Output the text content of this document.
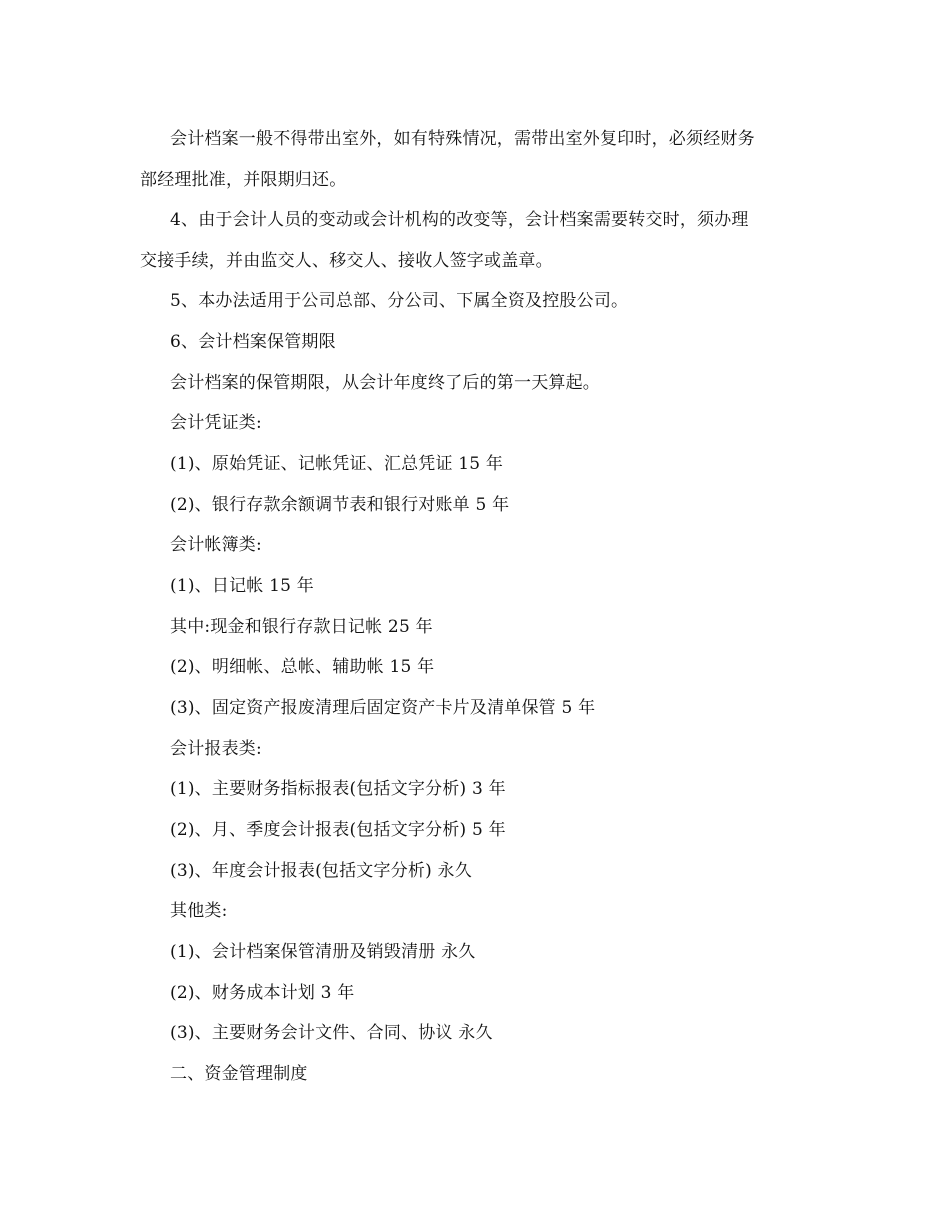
会计档案一般不得带出室外，如有特殊情况，需带出室外复印时，必须经财务
部经理批准，并限期归还。
4、由于会计人员的变动或会计机构的改变等，会计档案需要转交时，须办理
交接手续，并由监交人、移交人、接收人签字或盖章。
5、本办法适用于公司总部、分公司、下属全资及控股公司。
6、会计档案保管期限
会计档案的保管期限，从会计年度终了后的第一天算起。
会计凭证类:
(1)、原始凭证、记帐凭证、汇总凭证 15 年
(2)、银行存款余额调节表和银行对账单 5 年
会计帐簿类:
(1)、日记帐 15 年
其中:现金和银行存款日记帐 25 年
(2)、明细帐、总帐、辅助帐 15 年
(3)、固定资产报废清理后固定资产卡片及清单保管 5 年
会计报表类:
(1)、主要财务指标报表(包括文字分析) 3 年
(2)、月、季度会计报表(包括文字分析) 5 年
(3)、年度会计报表(包括文字分析) 永久
其他类:
(1)、会计档案保管清册及销毁清册 永久
(2)、财务成本计划 3 年
(3)、主要财务会计文件、合同、协议 永久
二、资金管理制度
